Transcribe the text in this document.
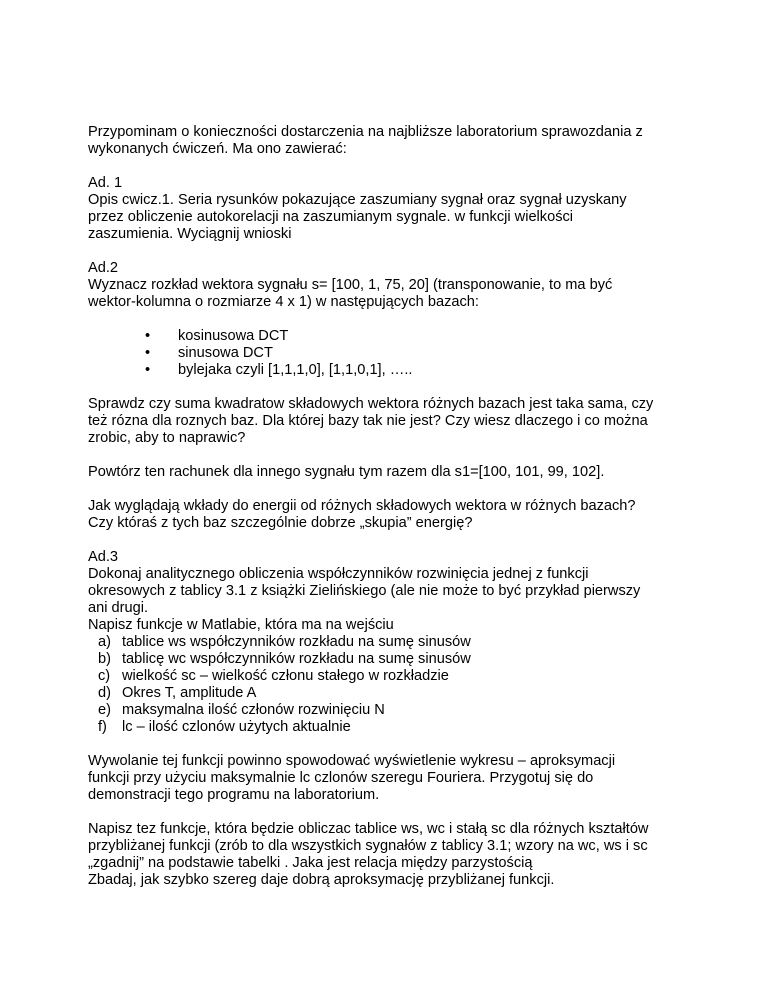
Przypominam o konieczności dostarczenia na najbliższe laboratorium sprawozdania z
wykonanych ćwiczeń. Ma ono zawierać:

Ad. 1
Opis cwicz.1. Seria rysunków pokazujące zaszumiany sygnał oraz sygnał uzyskany
przez obliczenie autokorelacji na zaszumianym sygnale. w funkcji wielkości
zaszumienia. Wyciągnij wnioski

Ad.2
Wyznacz rozkład wektora sygnału s= [100, 1, 75, 20] (transponowanie, to ma być
wektor-kolumna o rozmiarze 4 x 1) w następujących bazach:

• kosinusowa DCT
• sinusowa DCT
• bylejaka czyli [1,1,1,0], [1,1,0,1], …..

Sprawdz czy suma kwadratow składowych wektora różnych bazach jest taka sama, czy
też rózna dla roznych baz. Dla której bazy tak nie jest? Czy wiesz dlaczego i co można
zrobic, aby to naprawic?

Powtórz ten rachunek dla innego sygnału tym razem dla s1=[100, 101, 99, 102].

Jak wyglądają wkłady do energii od różnych składowych wektora w różnych bazach?
Czy któraś z tych baz szczególnie dobrze „skupia” energię?

Ad.3
Dokonaj analitycznego obliczenia współczynników rozwinięcia jednej z funkcji
okresowych z tablicy 3.1 z książki Zielińskiego (ale nie może to być przykład pierwszy
ani drugi.
Napisz funkcje w Matlabie, która ma na wejściu

a) tablice ws współczynników rozkładu na sumę sinusów
b) tablicę wc współczynników rozkładu na sumę sinusów
c) wielkość sc – wielkość członu stałego w rozkładzie
d) Okres T, amplitude A
e) maksymalna ilość członów rozwinięciu N
f) lc – ilość czlonów użytych aktualnie

Wywolanie tej funkcji powinno spowodować wyświetlenie wykresu – aproksymacji
funkcji przy użyciu maksymalnie lc czlonów szeregu Fouriera. Przygotuj się do
demonstracji tego programu na laboratorium.

Napisz tez funkcje, która będzie obliczac tablice ws, wc i stałą sc dla różnych kształtów
przybliżanej funkcji (zrób to dla wszystkich sygnałów z tablicy 3.1; wzory na wc, ws i sc
„zgadnij” na podstawie tabelki . Jaka jest relacja między parzystością
Zbadaj, jak szybko szereg daje dobrą aproksymację przybliżanej funkcji.
